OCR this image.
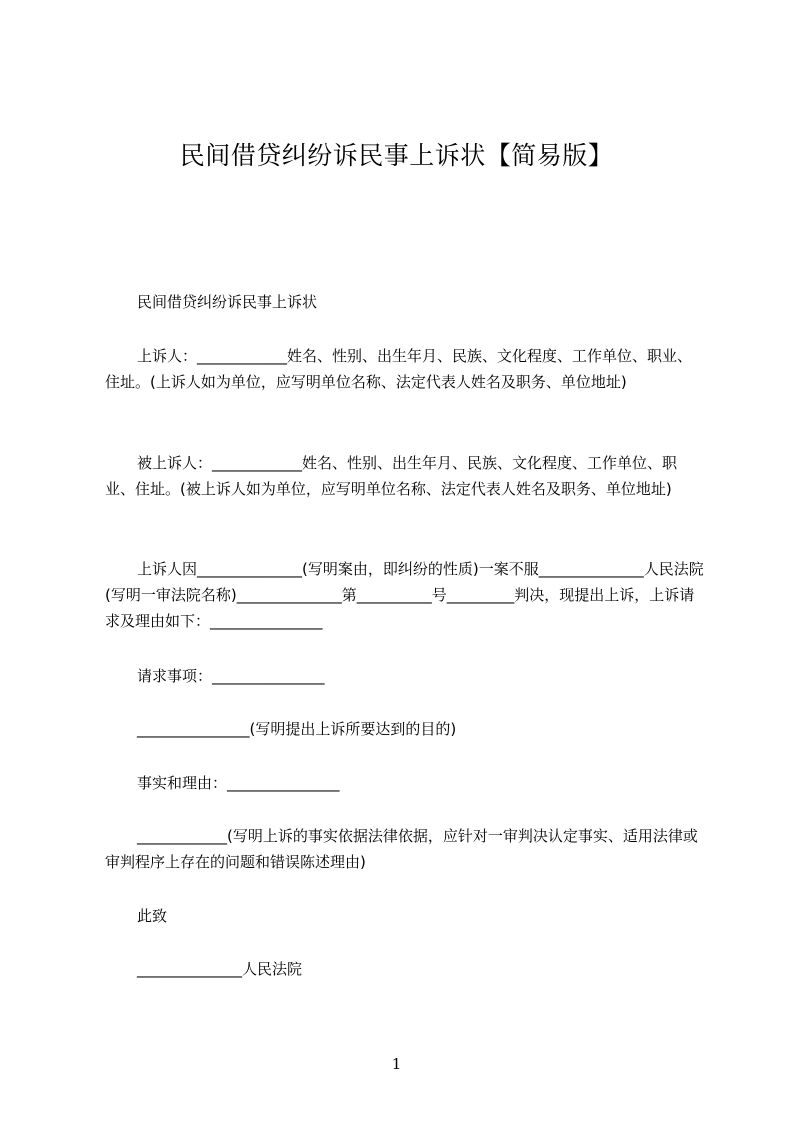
民间借贷纠纷诉民事上诉状【简易版】

民间借贷纠纷诉民事上诉状

上诉人：____________姓名、性别、出生年月、民族、文化程度、工作单位、职业、住址。(上诉人如为单位，应写明单位名称、法定代表人姓名及职务、单位地址)

被上诉人：____________姓名、性别、出生年月、民族、文化程度、工作单位、职业、住址。(被上诉人如为单位，应写明单位名称、法定代表人姓名及职务、单位地址)

上诉人因______________(写明案由，即纠纷的性质)一案不服______________人民法院(写明一审法院名称)______________第__________号_________判决，现提出上诉，上诉请求及理由如下：_______________

请求事项：_______________

_______________(写明提出上诉所要达到的目的)

事实和理由：_______________

____________(写明上诉的事实依据法律依据，应针对一审判决认定事实、适用法律或审判程序上存在的问题和错误陈述理由)

此致

______________人民法院

1
